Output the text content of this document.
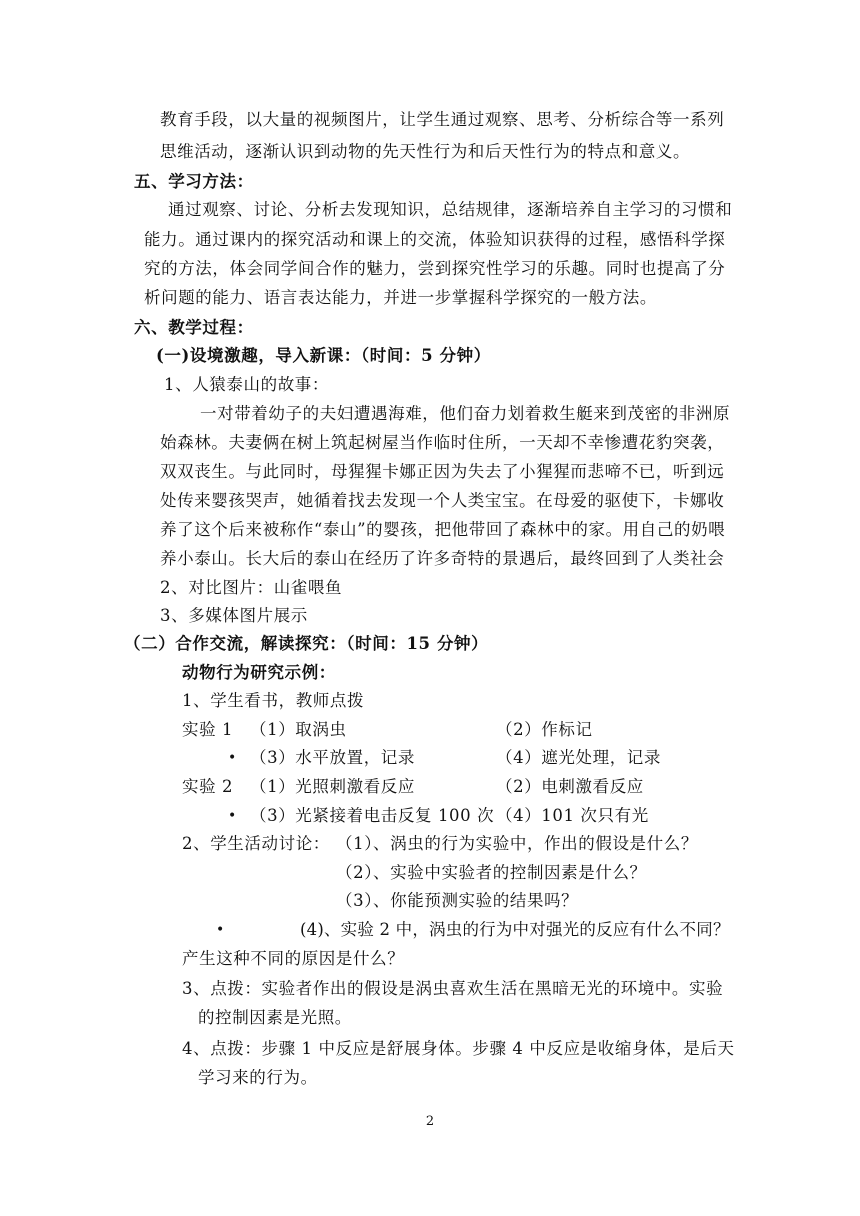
教育手段，以大量的视频图片，让学生通过观察、思考、分析综合等一系列
思维活动，逐渐认识到动物的先天性行为和后天性行为的特点和意义。
五、学习方法：
通过观察、讨论、分析去发现知识，总结规律，逐渐培养自主学习的习惯和
能力。通过课内的探究活动和课上的交流，体验知识获得的过程，感悟科学探
究的方法，体会同学间合作的魅力，尝到探究性学习的乐趣。同时也提高了分
析问题的能力、语言表达能力，并进一步掌握科学探究的一般方法。
六、教学过程：
(一)设境激趣，导入新课：（时间：5 分钟）
1、人猿泰山的故事：
一对带着幼子的夫妇遭遇海难，他们奋力划着救生艇来到茂密的非洲原
始森林。夫妻俩在树上筑起树屋当作临时住所，一天却不幸惨遭花豹突袭，
双双丧生。与此同时，母猩猩卡娜正因为失去了小猩猩而悲啼不已，听到远
处传来婴孩哭声，她循着找去发现一个人类宝宝。在母爱的驱使下，卡娜收
养了这个后来被称作“泰山”的婴孩，把他带回了森林中的家。用自己的奶喂
养小泰山。长大后的泰山在经历了许多奇特的景遇后，最终回到了人类社会
2、对比图片：山雀喂鱼
3、多媒体图片展示
（二）合作交流，解读探究：（时间：15 分钟）
动物行为研究示例：
1、学生看书，教师点拨
实验 1 （1）取涡虫	（2）作标记
• （3）水平放置，记录	（4）遮光处理，记录
实验 2 （1）光照刺激看反应	（2）电刺激看反应
• （3）光紧接着电击反复 100 次 （4）101 次只有光
2、学生活动讨论： （1）、涡虫的行为实验中，作出的假设是什么？
（2）、实验中实验者的控制因素是什么？
（3）、你能预测实验的结果吗？
•	(4)、实验 2 中，涡虫的行为中对强光的反应有什么不同？
产生这种不同的原因是什么？
3、点拨：实验者作出的假设是涡虫喜欢生活在黑暗无光的环境中。实验
的控制因素是光照。
4、点拨：步骤 1 中反应是舒展身体。步骤 4 中反应是收缩身体，是后天
学习来的行为。
2
